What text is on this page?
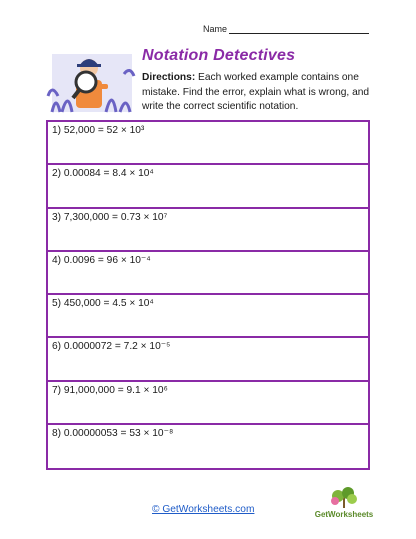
Name
Notation Detectives
Directions: Each worked example contains one mistake. Find the error, explain what is wrong, and write the correct scientific notation.
1) 52,000 = 52 × 10³
2) 0.00084 = 8.4 × 10⁴
3) 7,300,000 = 0.73 × 10⁷
4) 0.0096 = 96 × 10⁻⁴
5) 450,000 = 4.5 × 10⁴
6) 0.0000072 = 7.2 × 10⁻⁵
7) 91,000,000 = 9.1 × 10⁶
8) 0.00000053 = 53 × 10⁻⁸
© GetWorksheets.com	GetWorksheets
